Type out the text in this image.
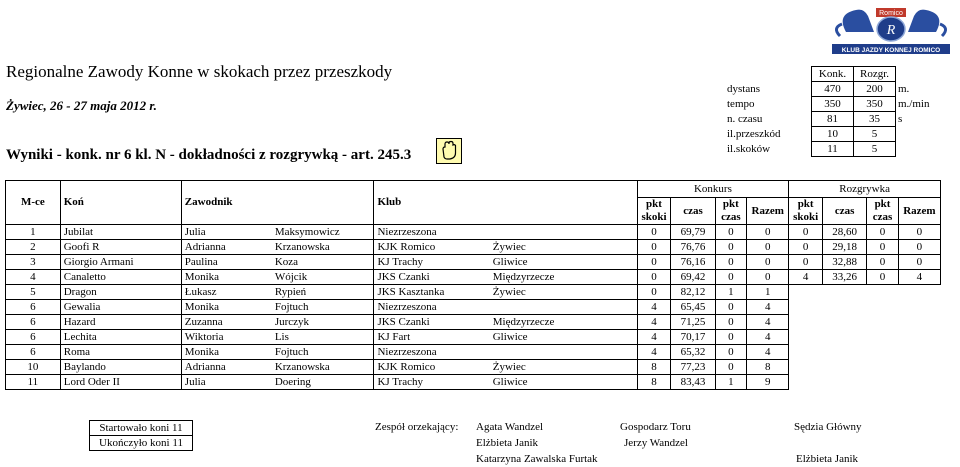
Romico
R
KLUB JAZDY KONNEJ ROMICO
Regionalne Zawody Konne w skokach przez przeszkody
Żywiec, 26 - 27 maja 2012 r.
Wyniki - konk. nr 6 kl. N - dokładności z rozgrywką - art. 245.3
	Konk.	Rozgr.	
dystans	470	200	m.
tempo	350	350	m./min
n. czasu	81	35	s
il.przeszkód	10	5	
il.skoków	11	5	
M-ce	Koń	Zawodnik		Klub		Konkurs				Rozgrywka			
						pkt skoki	czas	pkt czas	Razem	pkt skoki	czas	pkt czas	Razem
1	Jubilat	Julia	Maksymowicz	Niezrzeszona		0	69,79	0	0	0	28,60	0	0
2	Goofi R	Adrianna	Krzanowska	KJK Romico	Żywiec	0	76,76	0	0	0	29,18	0	0
3	Giorgio Armani	Paulina	Koza	KJ Trachy	Gliwice	0	76,16	0	0	0	32,88	0	0
4	Canaletto	Monika	Wójcik	JKS Czanki	Międzyrzecze	0	69,42	0	0	4	33,26	0	4
5	Dragon	Łukasz	Rypień	JKS Kasztanka	Żywiec	0	82,12	1	1				
6	Gewalia	Monika	Fojtuch	Niezrzeszona		4	65,45	0	4				
6	Hazard	Zuzanna	Jurczyk	JKS Czanki	Międzyrzecze	4	71,25	0	4				
6	Lechita	Wiktoria	Lis	KJ Fart	Gliwice	4	70,17	0	4				
6	Roma	Monika	Fojtuch	Niezrzeszona		4	65,32	0	4				
10	Baylando	Adrianna	Krzanowska	KJK Romico	Żywiec	8	77,23	0	8				
11	Lord Oder II	Julia	Doering	KJ Trachy	Gliwice	8	83,43	1	9				
Startowało koni 11
Ukończyło koni 11
Zespół orzekający: Agata Wandzel
Elżbieta Janik
Katarzyna Zawalska Furtak
Gospodarz Toru
Jerzy Wandzel
Sędzia Główny
Elżbieta Janik
